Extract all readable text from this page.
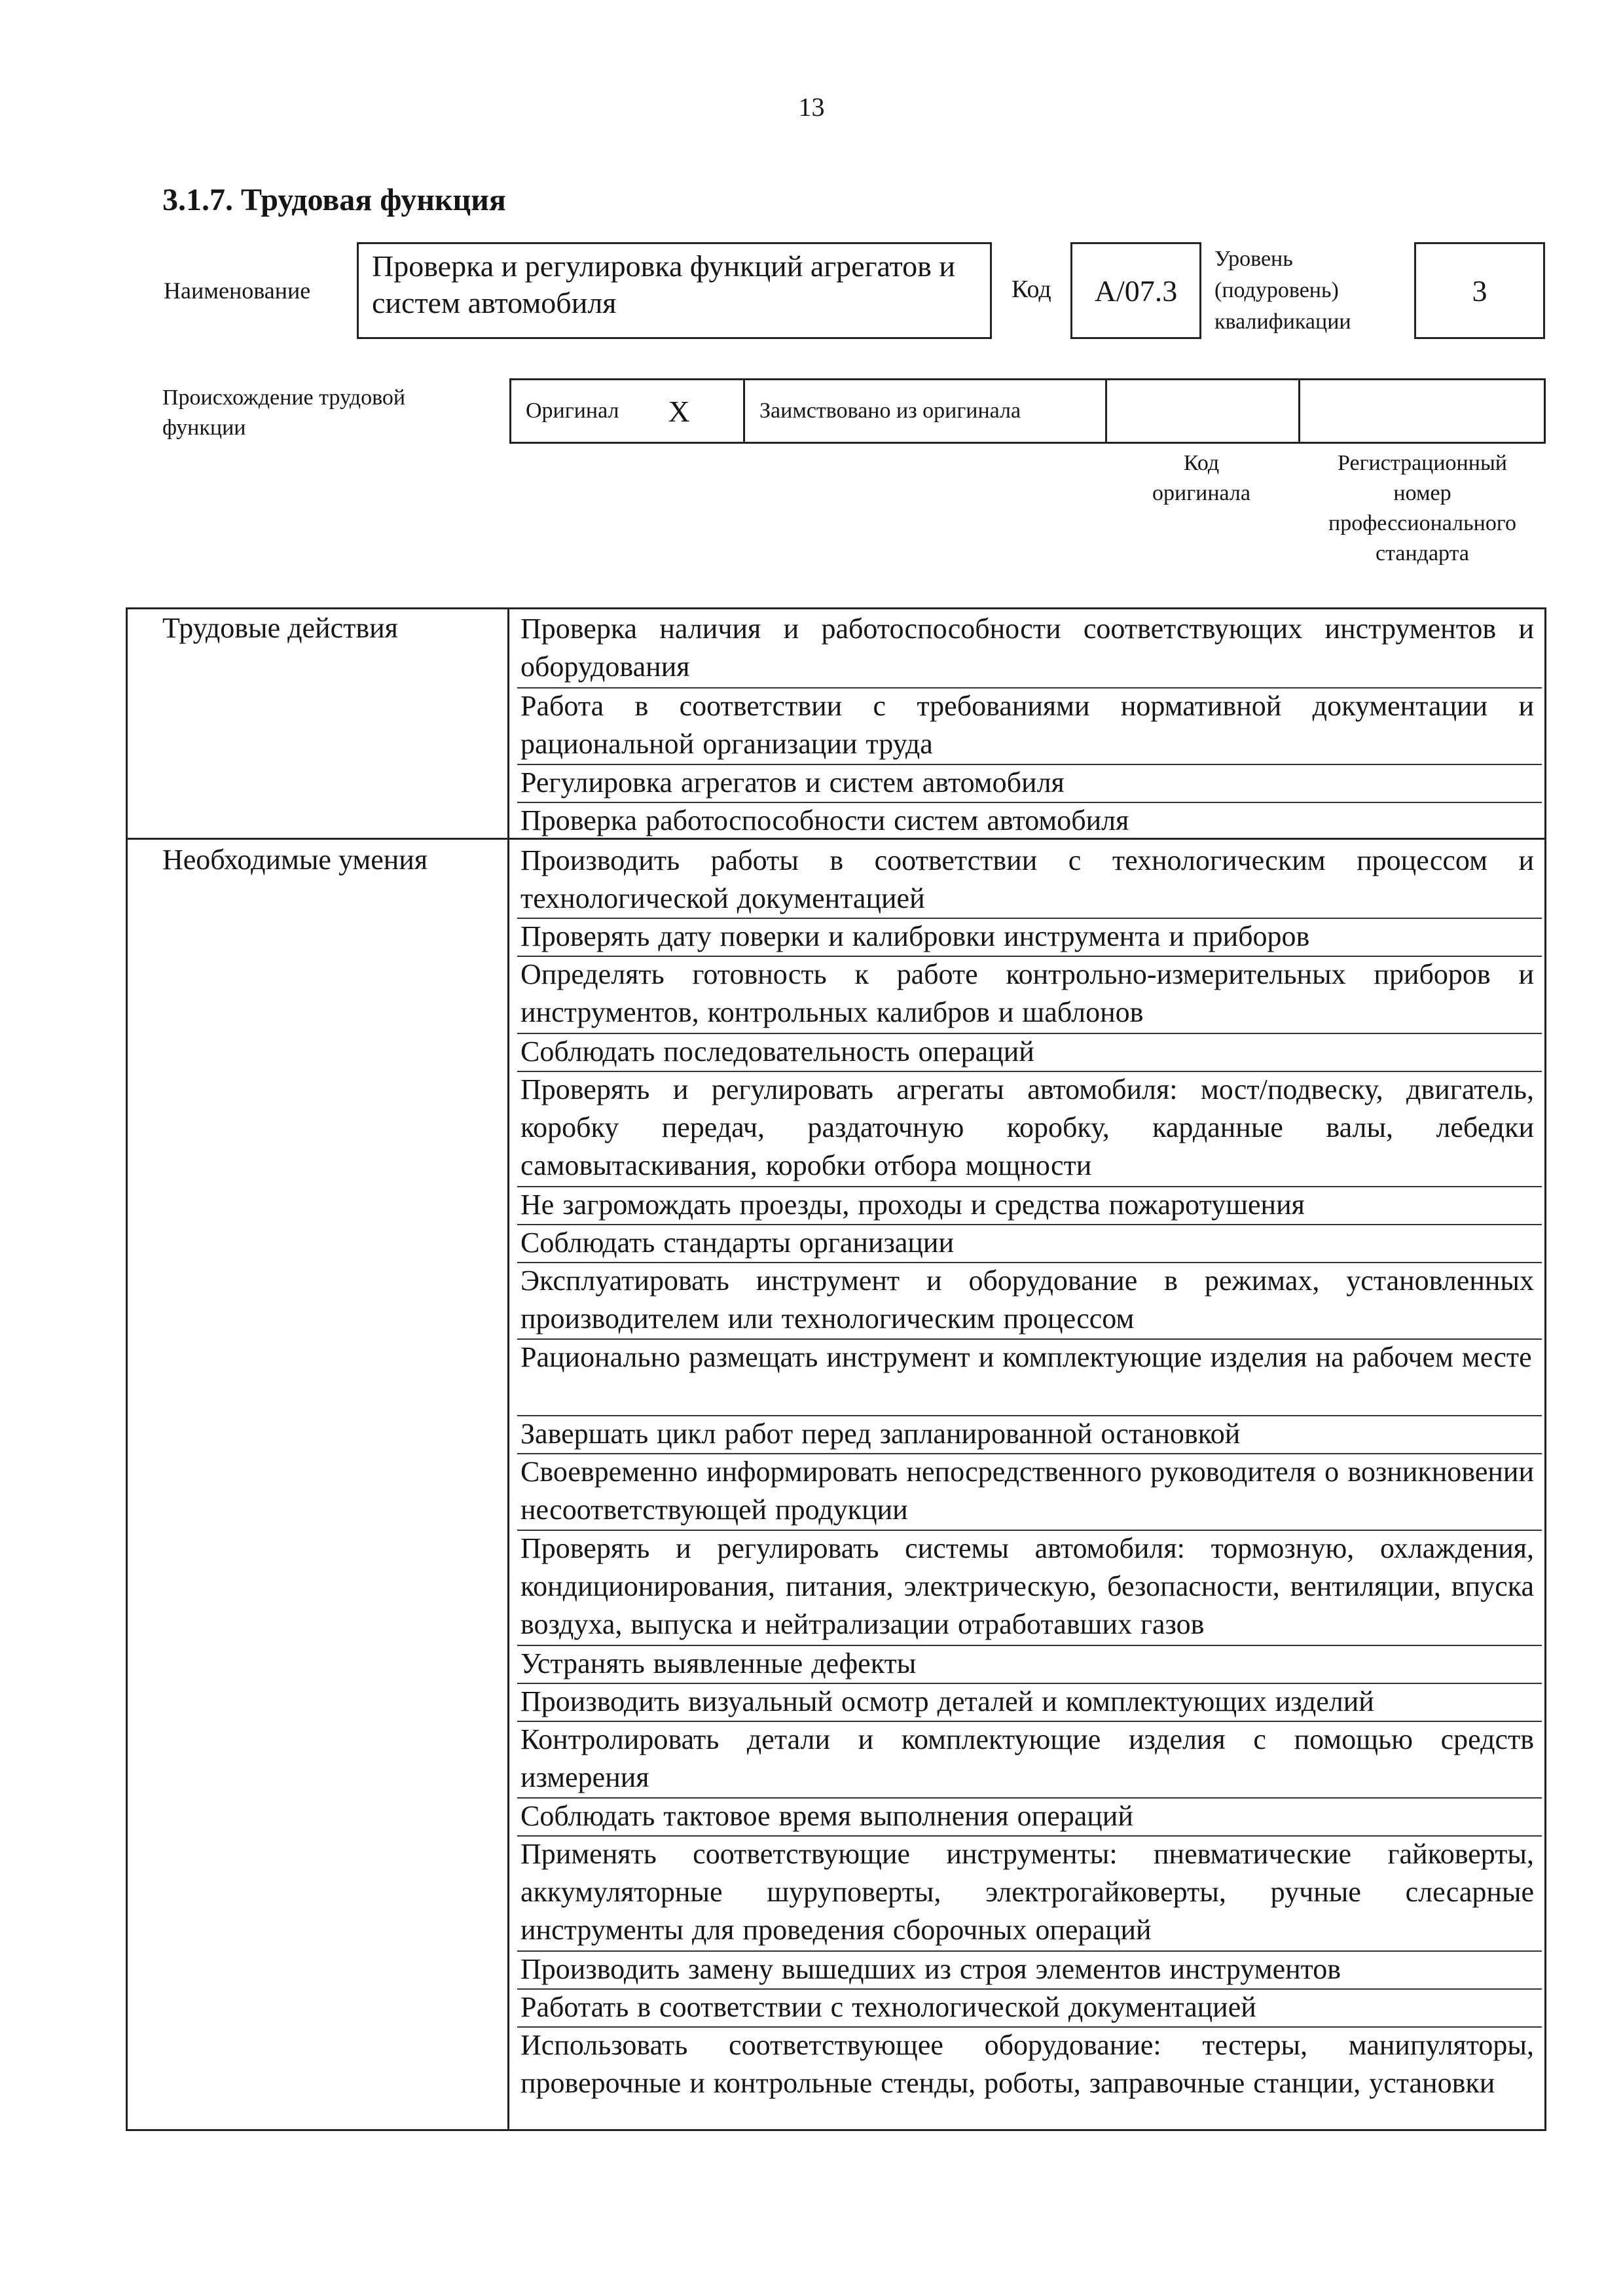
13
3.1.7. Трудовая функция
Наименование
Проверка и регулировка функций агрегатов и систем автомобиля	Код А/07.3
Уровень
(подуровень)
квалификации
3
Происхождение трудовой
функции
Оригинал X	Заимствовано из оригинала
Код
оригинала
Регистрационный
номер
профессионального
стандарта
Трудовые действия
Необходимые умения
Проверка наличия и работоспособности соответствующих инструментов и оборудования
Работа в соответствии с требованиями нормативной документации и рациональной организации труда
Регулировка агрегатов и систем автомобиля
Проверка работоспособности систем автомобиля
Производить работы в соответствии с технологическим процессом и технологической документацией
Проверять дату поверки и калибровки инструмента и приборов
Определять готовность к работе контрольно-измерительных приборов и инструментов, контрольных калибров и шаблонов
Соблюдать последовательность операций
Проверять и регулировать агрегаты автомобиля: мост/подвеску, двигатель, коробку передач, раздаточную коробку, карданные валы, лебедки самовытаскивания, коробки отбора мощности
Не загромождать проезды, проходы и средства пожаротушения
Соблюдать стандарты организации
Эксплуатировать инструмент и оборудование в режимах, установленных производителем или технологическим процессом
Рационально размещать инструмент и комплектующие изделия на рабочем месте
Завершать цикл работ перед запланированной остановкой
Своевременно информировать непосредственного руководителя о возникновении несоответствующей продукции
Проверять и регулировать системы автомобиля: тормозную, охлаждения, кондиционирования, питания, электрическую, безопасности, вентиляции, впуска воздуха, выпуска и нейтрализации отработавших газов
Устранять выявленные дефекты
Производить визуальный осмотр деталей и комплектующих изделий
Контролировать детали и комплектующие изделия с помощью средств измерения
Соблюдать тактовое время выполнения операций
Применять соответствующие инструменты: пневматические гайковерты, аккумуляторные шуруповерты, электрогайковерты, ручные слесарные инструменты для проведения сборочных операций
Производить замену вышедших из строя элементов инструментов
Работать в соответствии с технологической документацией
Использовать соответствующее оборудование: тестеры, манипуляторы, проверочные и контрольные стенды, роботы, заправочные станции, установки
